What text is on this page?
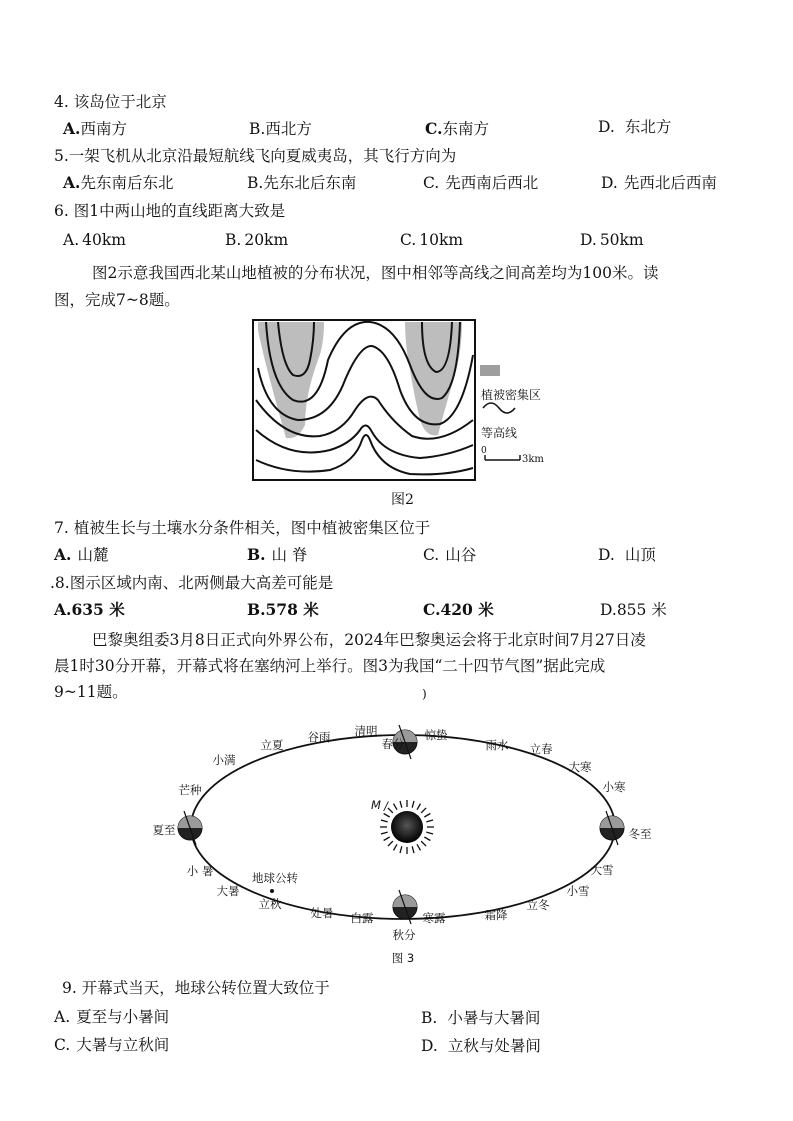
4. 该岛位于北京
A.西南方	B.西北方	C.东南方	D. 东北方
5.一架飞机从北京沿最短航线飞向夏威夷岛，其飞行方向为
A.先东南后东北	B.先东北后东南	C. 先西南后西北	D. 先西北后西南
6. 图1中两山地的直线距离大致是
A. 40km	B. 20km	C. 10km	D. 50km
图2示意我国西北某山地植被的分布状况，图中相邻等高线之间高差均为100米。读
图，完成7~8题。
植被密集区
等高线
0
3km
图2
7. 植被生长与土壤水分条件相关，图中植被密集区位于
A. 山麓	B. 山 脊	C. 山谷	D. 山顶
.8.图示区域内南、北两侧最大高差可能是
A.635 米	B.578 米	C.420 米	D.855 米
巴黎奥组委3月8日正式向外界公布，2024年巴黎奥运会将于北京时间7月27日凌
晨1时30分开幕，开幕式将在塞纳河上举行。图3为我国“二十四节气图”据此完成
9~11题。	)
春分
惊蛰
雨水 立春
大寒
小寒
冬至
大雪
小雪
立冬
霜降
寒露
秋分
白露
处暑
立秋
大暑
小 暑
夏至
芒种
小满
立夏
谷雨 清明
M /
地球公转
图 3
9. 开幕式当天，地球公转位置大致位于
A. 夏至与小暑间	B. 小暑与大暑间
C. 大暑与立秋间	D. 立秋与处暑间
